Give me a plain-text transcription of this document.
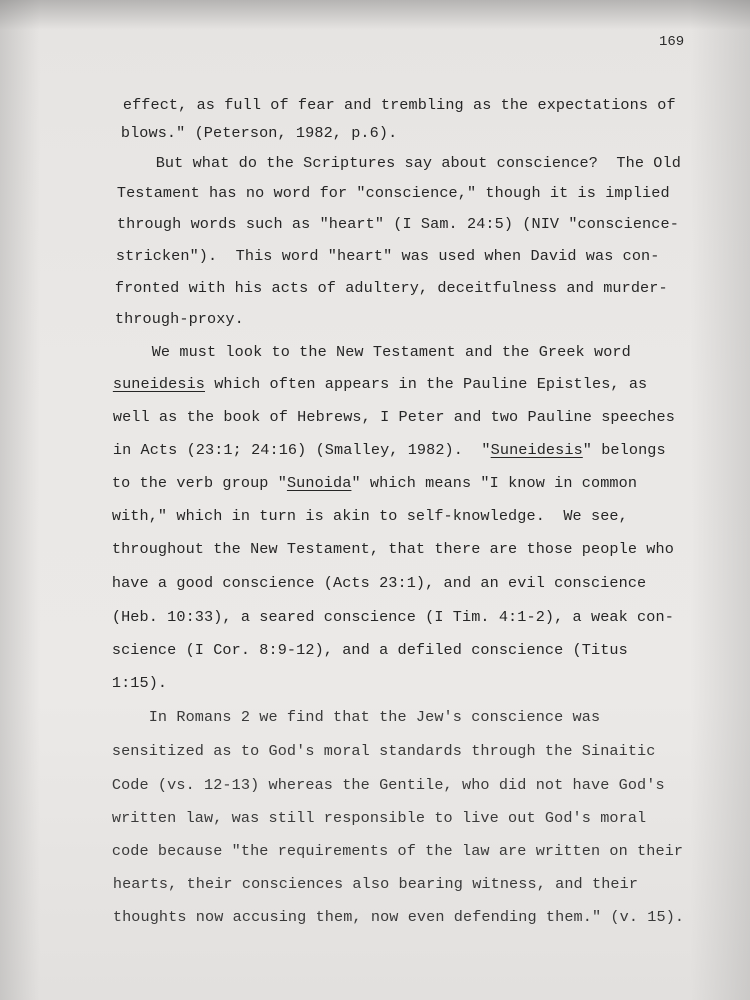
169

effect, as full of fear and trembling as the expectations of

blows." (Peterson, 1982, p.6).

But what do the Scriptures say about conscience?  The Old

Testament has no word for "conscience," though it is implied

through words such as "heart" (I Sam. 24:5) (NIV "conscience-

stricken").  This word "heart" was used when David was con-

fronted with his acts of adultery, deceitfulness and murder-

through-proxy.

We must look to the New Testament and the Greek word

suneidesis which often appears in the Pauline Epistles, as

well as the book of Hebrews, I Peter and two Pauline speeches

in Acts (23:1; 24:16) (Smalley, 1982).  "Suneidesis" belongs

to the verb group "Sunoida" which means "I know in common

with," which in turn is akin to self-knowledge.  We see,

throughout the New Testament, that there are those people who

have a good conscience (Acts 23:1), and an evil conscience

(Heb. 10:33), a seared conscience (I Tim. 4:1-2), a weak con-

science (I Cor. 8:9-12), and a defiled conscience (Titus

1:15).

In Romans 2 we find that the Jew's conscience was

sensitized as to God's moral standards through the Sinaitic

Code (vs. 12-13) whereas the Gentile, who did not have God's

written law, was still responsible to live out God's moral

code because "the requirements of the law are written on their

hearts, their consciences also bearing witness, and their

thoughts now accusing them, now even defending them." (v. 15).
